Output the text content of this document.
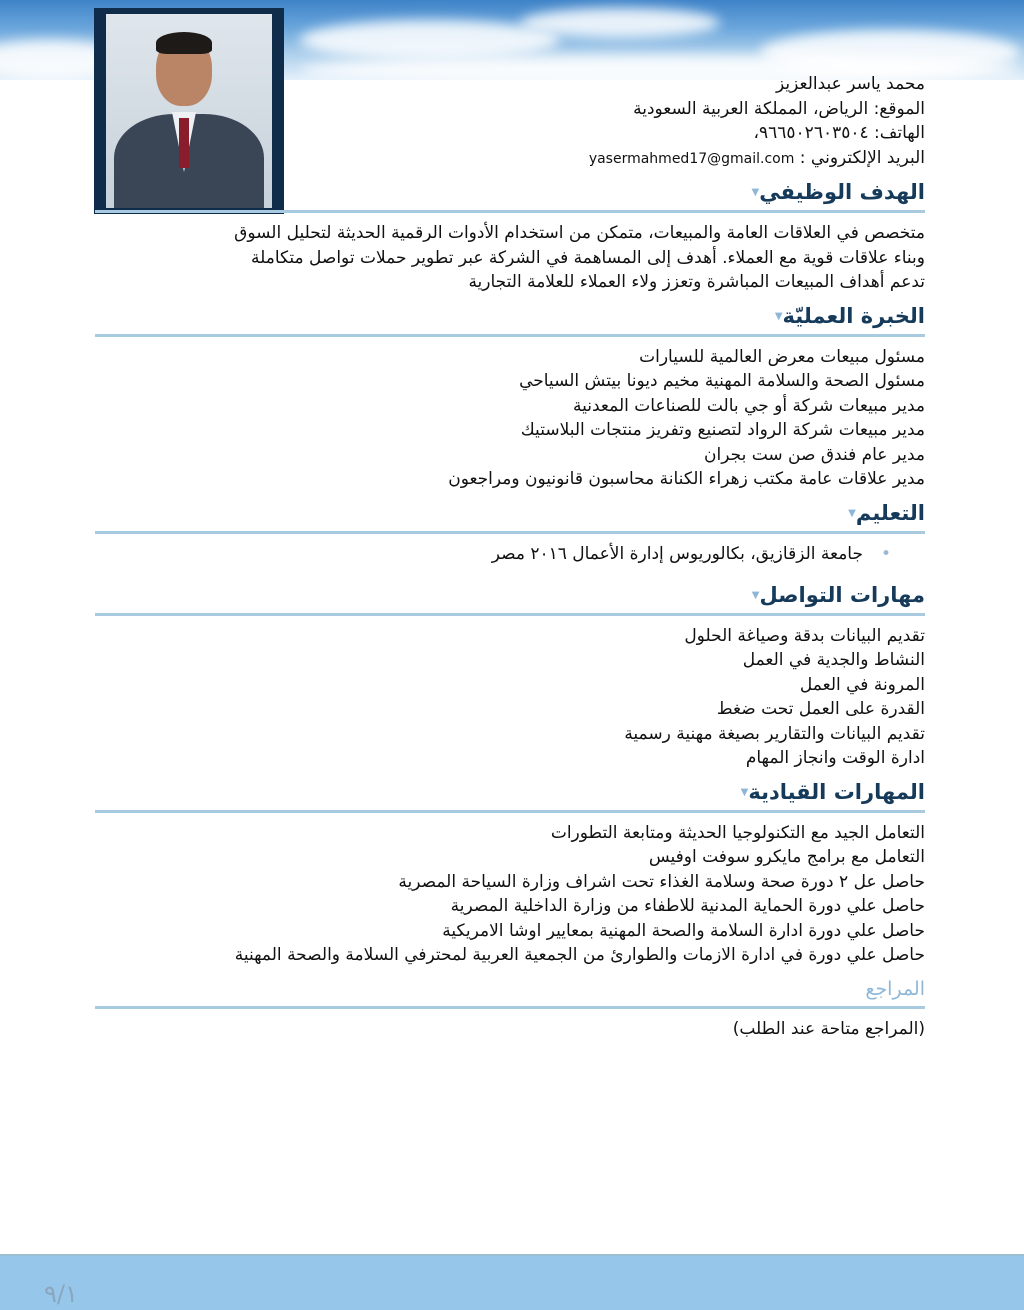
محمد ياسر عبدالعزيز
الموقع: الرياض، المملكة العربية السعودية
الهاتف: ٩٦٦٥٠٢٦٠٣٥٠٤،
البريد الإلكتروني : yasermahmed17@gmail.com
الهدف الوظيفي▼
متخصص في العلاقات العامة والمبيعات، متمكن من استخدام الأدوات الرقمية الحديثة لتحليل السوق
وبناء علاقات قوية مع العملاء. أهدف إلى المساهمة في الشركة عبر تطوير حملات تواصل متكاملة
تدعم أهداف المبيعات المباشرة وتعزز ولاء العملاء للعلامة التجارية
الخبرة العمليّة▼
مسئول مبيعات معرض العالمية للسيارات
مسئول الصحة والسلامة المهنية مخيم ديونا بيتش السياحي
مدير مبيعات شركة أو جي بالت للصناعات المعدنية
مدير مبيعات شركة الرواد لتصنيع وتفريز منتجات البلاستيك
مدير عام فندق صن ست بجران
مدير علاقات عامة مكتب زهراء الكنانة محاسبون قانونيون ومراجعون
التعليم▼
•
جامعة الزقازيق، بكالوريوس إدارة الأعمال ٢٠١٦ مصر
مهارات التواصل▼
تقديم البيانات بدقة وصياغة الحلول
النشاط والجدية في العمل
المرونة في العمل
القدرة على العمل تحت ضغط
تقديم البيانات والتقارير بصيغة مهنية رسمية
ادارة الوقت وانجاز المهام
المهارات القيادية▼
التعامل الجيد مع التكنولوجيا الحديثة ومتابعة التطورات
التعامل مع برامج مايكرو سوفت اوفيس
حاصل عل ٢ دورة صحة وسلامة الغذاء تحت اشراف وزارة السياحة المصرية
حاصل علي دورة الحماية المدنية للاطفاء من وزارة الداخلية المصرية
حاصل علي دورة ادارة السلامة والصحة المهنية بمعايير اوشا الامريكية
حاصل علي دورة في ادارة الازمات والطوارئ من الجمعية العربية لمحترفي السلامة والصحة المهنية
المراجع
(المراجع متاحة عند الطلب)
٩/١
